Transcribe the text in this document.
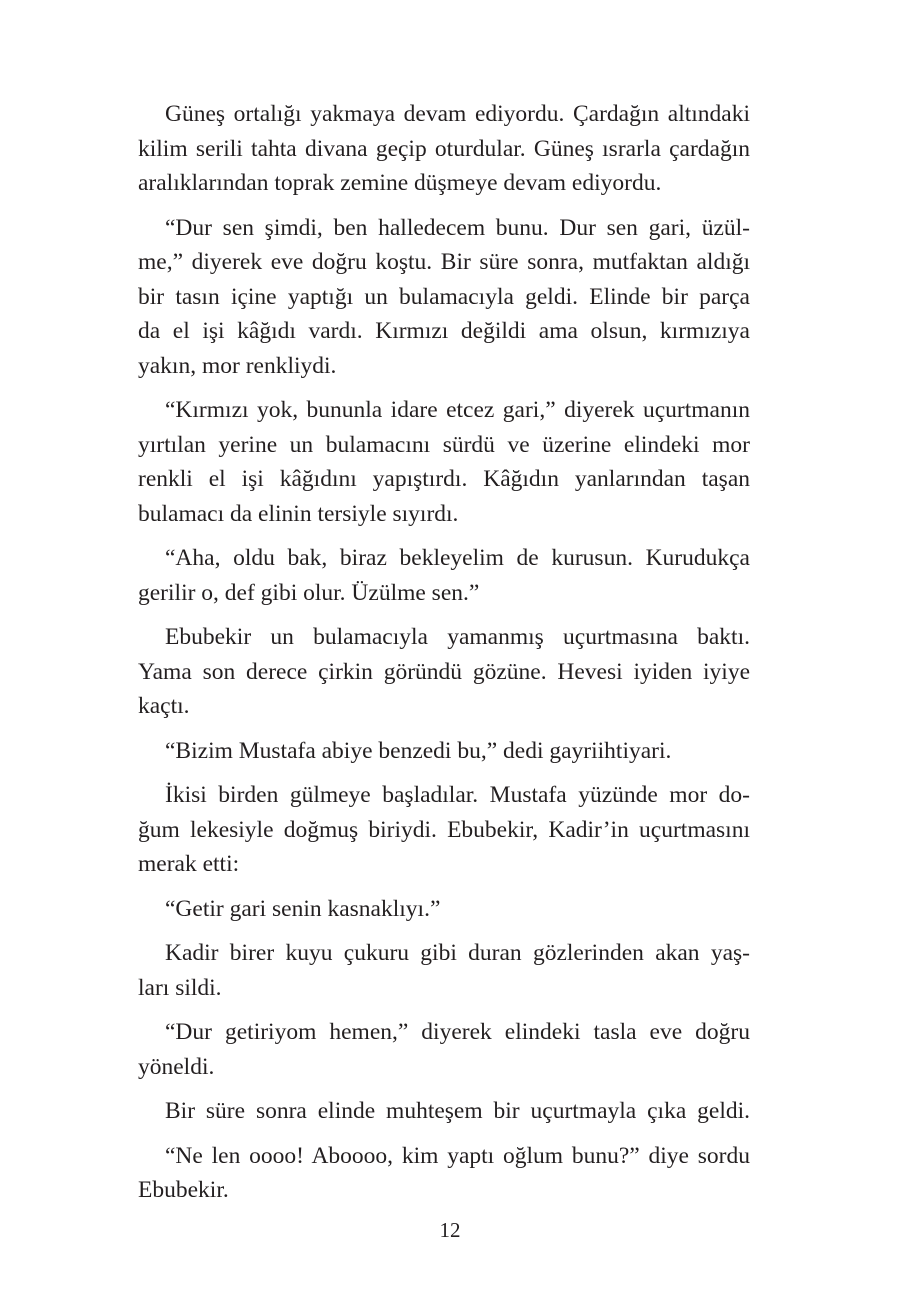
Güneş ortalığı yakmaya devam ediyordu. Çardağın altındaki
kilim serili tahta divana geçip oturdular. Güneş ısrarla çardağın
aralıklarından toprak zemine düşmeye devam ediyordu.
“Dur sen şimdi, ben halledecem bunu. Dur sen gari, üzül-
me,” diyerek eve doğru koştu. Bir süre sonra, mutfaktan aldığı
bir tasın içine yaptığı un bulamacıyla geldi. Elinde bir parça
da el işi kâğıdı vardı. Kırmızı değildi ama olsun, kırmızıya
yakın, mor renkliydi.
“Kırmızı yok, bununla idare etcez gari,” diyerek uçurtmanın
yırtılan yerine un bulamacını sürdü ve üzerine elindeki mor
renkli el işi kâğıdını yapıştırdı. Kâğıdın yanlarından taşan
bulamacı da elinin tersiyle sıyırdı.
“Aha, oldu bak, biraz bekleyelim de kurusun. Kurudukça
gerilir o, def gibi olur. Üzülme sen.”
Ebubekir un bulamacıyla yamanmış uçurtmasına baktı.
Yama son derece çirkin göründü gözüne. Hevesi iyiden iyiye
kaçtı.
“Bizim Mustafa abiye benzedi bu,” dedi gayriihtiyari.
İkisi birden gülmeye başladılar. Mustafa yüzünde mor do-
ğum lekesiyle doğmuş biriydi. Ebubekir, Kadir’in uçurtmasını
merak etti:
“Getir gari senin kasnaklıyı.”
Kadir birer kuyu çukuru gibi duran gözlerinden akan yaş-
ları sildi.
“Dur getiriyom hemen,” diyerek elindeki tasla eve doğru
yöneldi.
Bir süre sonra elinde muhteşem bir uçurtmayla çıka geldi.
“Ne len oooo! Aboooo, kim yaptı oğlum bunu?” diye sordu
Ebubekir.
12
